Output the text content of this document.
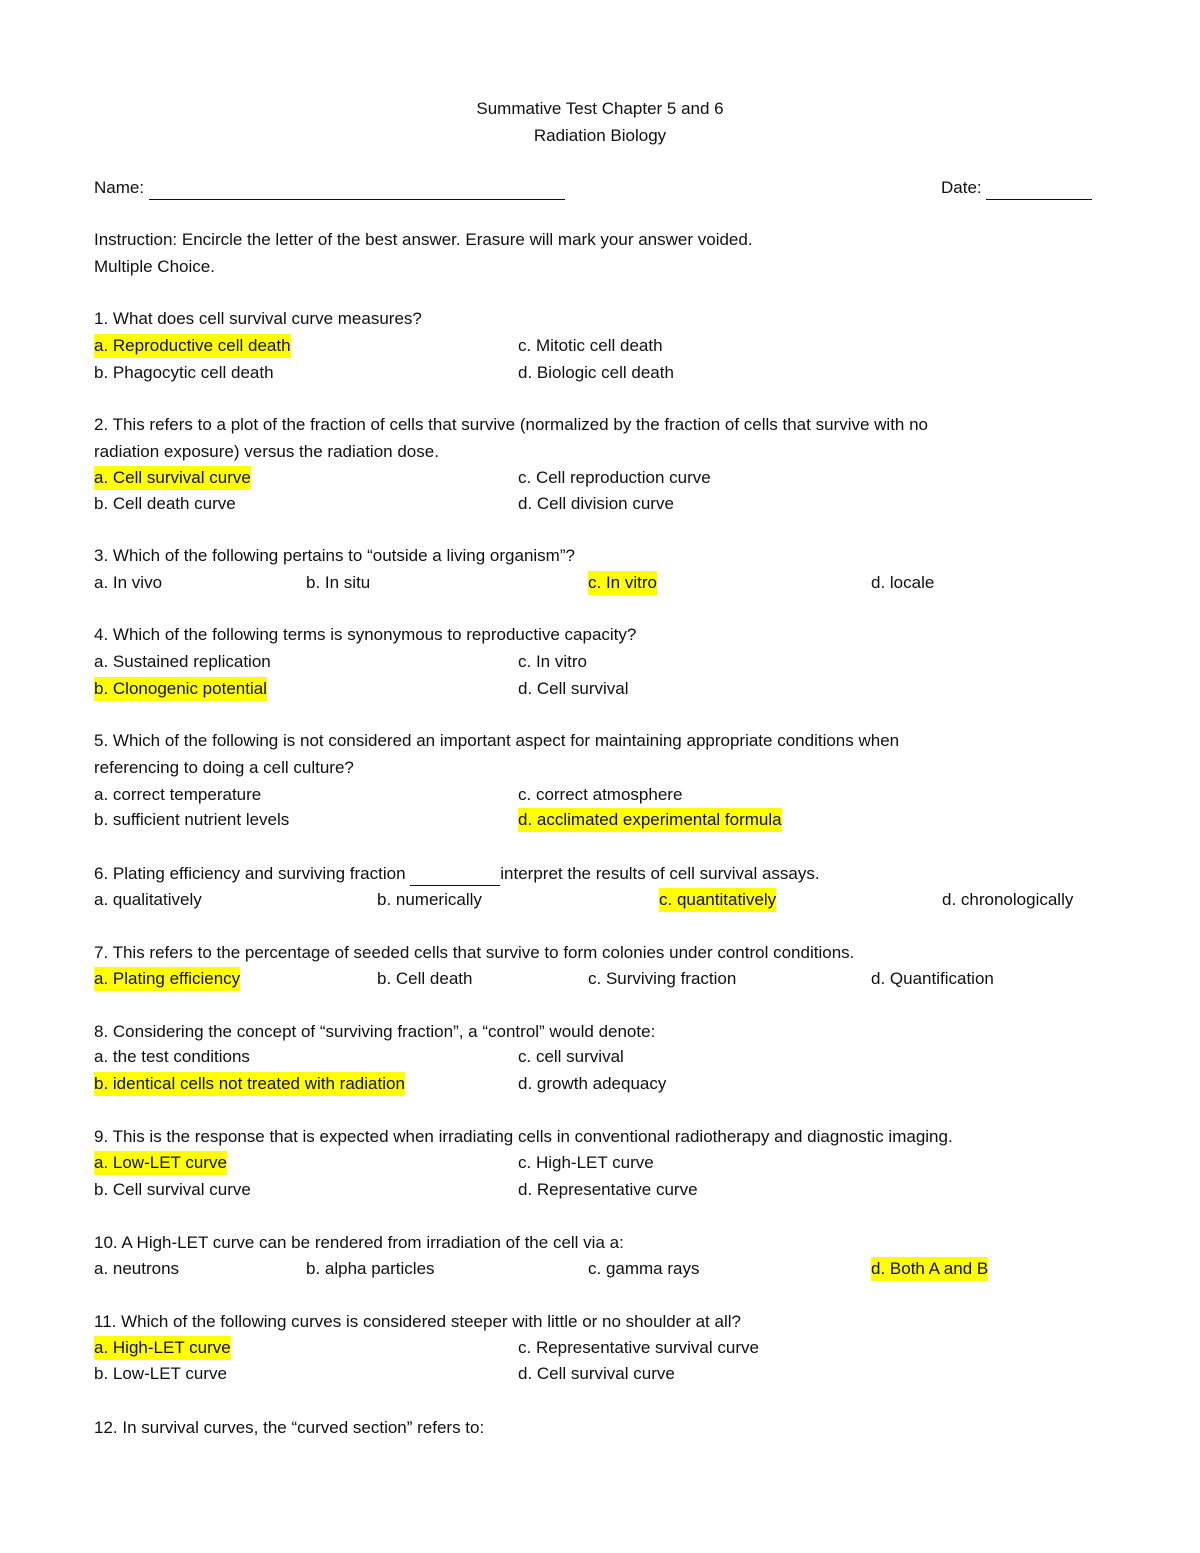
Summative Test Chapter 5 and 6
Radiation Biology
Name:	Date:
Instruction: Encircle the letter of the best answer. Erasure will mark your answer voided.
Multiple Choice.
1. What does cell survival curve measures?
a. Reproductive cell death	c. Mitotic cell death
b. Phagocytic cell death	d. Biologic cell death
2. This refers to a plot of the fraction of cells that survive (normalized by the fraction of cells that survive with no
radiation exposure) versus the radiation dose.
a. Cell survival curve	c. Cell reproduction curve
b. Cell death curve	d. Cell division curve
3. Which of the following pertains to “outside a living organism”?
a. In vivo	b. In situ	c. In vitro	d. locale
4. Which of the following terms is synonymous to reproductive capacity?
a. Sustained replication	c. In vitro
b. Clonogenic potential	d. Cell survival
5. Which of the following is not considered an important aspect for maintaining appropriate conditions when
referencing to doing a cell culture?
a. correct temperature	c. correct atmosphere
b. sufficient nutrient levels	d. acclimated experimental formula
6. Plating efficiency and surviving fraction	interpret the results of cell survival assays.
a. qualitatively	b. numerically	c. quantitatively	d. chronologically
7. This refers to the percentage of seeded cells that survive to form colonies under control conditions.
a. Plating efficiency	b. Cell death	c. Surviving fraction	d. Quantification
8. Considering the concept of “surviving fraction”, a “control” would denote:
a. the test conditions	c. cell survival
b. identical cells not treated with radiation	d. growth adequacy
9. This is the response that is expected when irradiating cells in conventional radiotherapy and diagnostic imaging.
a. Low-LET curve	c. High-LET curve
b. Cell survival curve	d. Representative curve
10. A High-LET curve can be rendered from irradiation of the cell via a:
a. neutrons	b. alpha particles	c. gamma rays	d. Both A and B
11. Which of the following curves is considered steeper with little or no shoulder at all?
a. High-LET curve	c. Representative survival curve
b. Low-LET curve	d. Cell survival curve
12. In survival curves, the “curved section” refers to:
